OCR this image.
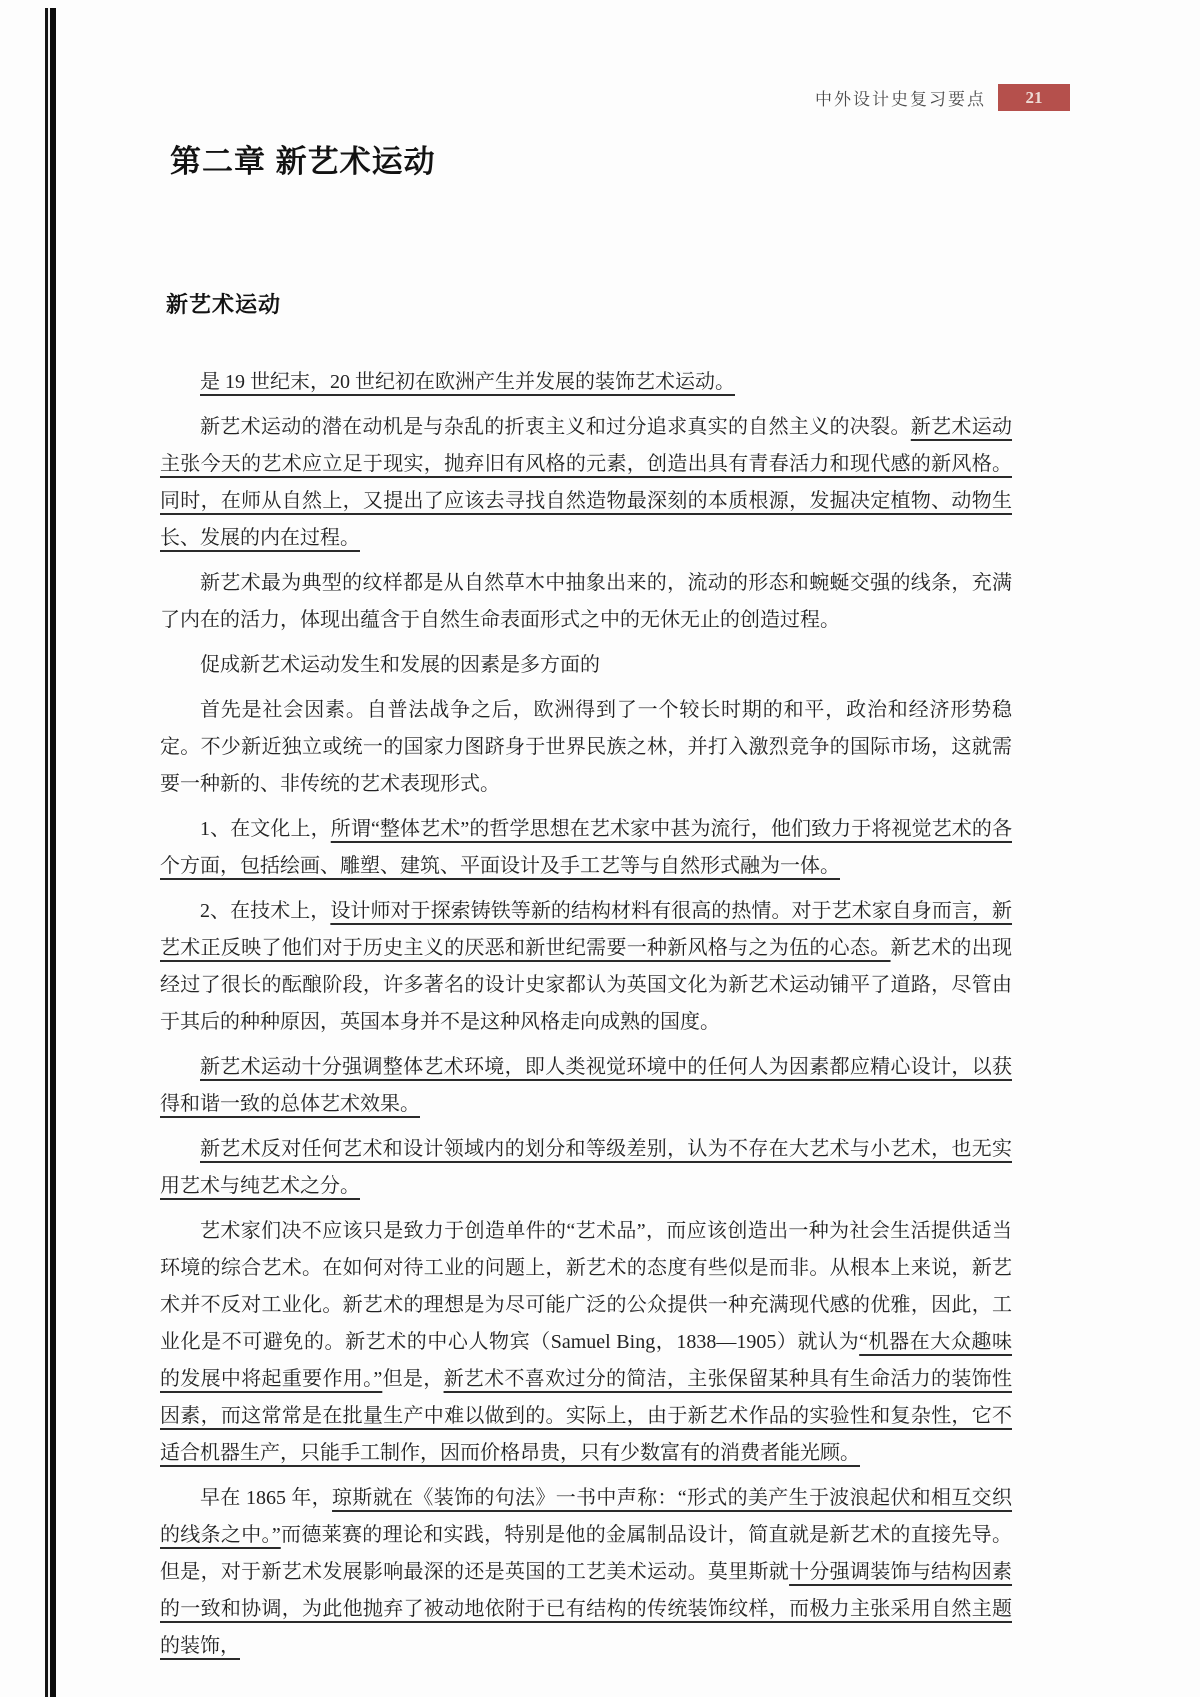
中外设计史复习要点	21
第二章 新艺术运动
新艺术运动

是 19 世纪末，20 世纪初在欧洲产生并发展的装饰艺术运动。

新艺术运动的潜在动机是与杂乱的折衷主义和过分追求真实的自然主义的决裂。新艺术运动主张今天的艺术应立足于现实，抛弃旧有风格的元素，创造出具有青春活力和现代感的新风格。同时，在师从自然上，又提出了应该去寻找自然造物最深刻的本质根源，发掘决定植物、动物生长、发展的内在过程。

新艺术最为典型的纹样都是从自然草木中抽象出来的，流动的形态和蜿蜒交强的线条，充满了内在的活力，体现出蕴含于自然生命表面形式之中的无休无止的创造过程。

促成新艺术运动发生和发展的因素是多方面的

首先是社会因素。自普法战争之后，欧洲得到了一个较长时期的和平，政治和经济形势稳定。不少新近独立或统一的国家力图跻身于世界民族之林，并打入激烈竞争的国际市场，这就需要一种新的、非传统的艺术表现形式。

1、在文化上，所谓“整体艺术”的哲学思想在艺术家中甚为流行，他们致力于将视觉艺术的各个方面，包括绘画、雕塑、建筑、平面设计及手工艺等与自然形式融为一体。

2、在技术上，设计师对于探索铸铁等新的结构材料有很高的热情。对于艺术家自身而言，新艺术正反映了他们对于历史主义的厌恶和新世纪需要一种新风格与之为伍的心态。新艺术的出现经过了很长的酝酿阶段，许多著名的设计史家都认为英国文化为新艺术运动铺平了道路，尽管由于其后的种种原因，英国本身并不是这种风格走向成熟的国度。

新艺术运动十分强调整体艺术环境，即人类视觉环境中的任何人为因素都应精心设计，以获得和谐一致的总体艺术效果。

新艺术反对任何艺术和设计领域内的划分和等级差别，认为不存在大艺术与小艺术，也无实用艺术与纯艺术之分。

艺术家们决不应该只是致力于创造单件的“艺术品”，而应该创造出一种为社会生活提供适当环境的综合艺术。在如何对待工业的问题上，新艺术的态度有些似是而非。从根本上来说，新艺术并不反对工业化。新艺术的理想是为尽可能广泛的公众提供一种充满现代感的优雅，因此，工业化是不可避免的。新艺术的中心人物宾（Samuel Bing，1838—1905）就认为“机器在大众趣味的发展中将起重要作用。”但是，新艺术不喜欢过分的简洁，主张保留某种具有生命活力的装饰性因素，而这常常是在批量生产中难以做到的。实际上，由于新艺术作品的实验性和复杂性，它不适合机器生产，只能手工制作，因而价格昂贵，只有少数富有的消费者能光顾。

早在 1865 年，琼斯就在《装饰的句法》一书中声称：“形式的美产生于波浪起伏和相互交织的线条之中。”而德莱赛的理论和实践，特别是他的金属制品设计，简直就是新艺术的直接先导。但是，对于新艺术发展影响最深的还是英国的工艺美术运动。莫里斯就十分强调装饰与结构因素的一致和协调，为此他抛弃了被动地依附于已有结构的传统装饰纹样，而极力主张采用自然主题的装饰，
